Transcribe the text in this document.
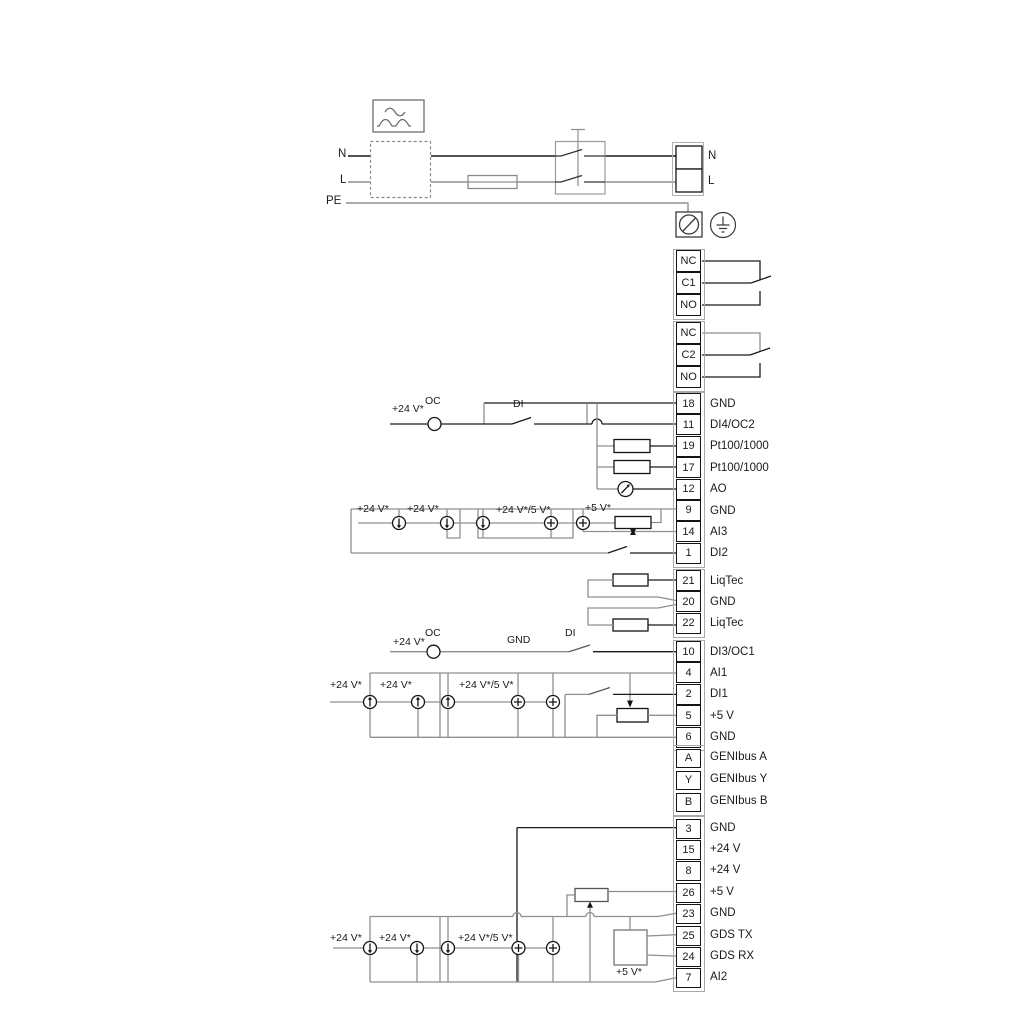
NC
C1
NO
NC
C2
NO
18	GND
11	DI4/OC2
19	Pt100/1000
17	Pt100/1000
12	AO
9	GND
14	AI3
1	DI2
21	LiqTec
20	GND
22	LiqTec
10	DI3/OC1
4	AI1
2	DI1
5	+5 V
6	GND
A	GENIbus A
Y	GENIbus Y
B	GENIbus B
3	GND
15	+24 V
8	+24 V
26	+5 V
23	GND
25	GDS TX
24	GDS RX
7	AI2
N
L
PE
N
L
+24 V*
OC	DI
+24 V* +24 V*	+24 V*/5 V*	+5 V*
+24 V*
OC
GND
DI
+24 V* +24 V*	+24 V*/5 V*
+24 V* +24 V*	+24 V*/5 V*
+5 V*
